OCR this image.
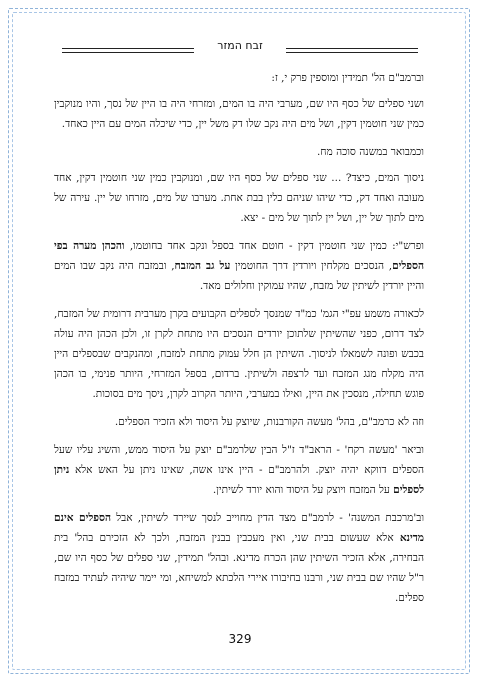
זבח המזר

וברמב"ם הל' תמידין ומוספין פרק י, ז:

ושני ספלים של כסף היו שם, מערבי היה בו המים, ומזרחי היה בו היין של נסך, והיו מנוקבין כמין שני חוטמין דקין, ושל מים היה נקב שלו דק משל יין, כדי שיכלה המים עם היין כאחד.

וכמבואר במשנה סוכה מח.

ניסוך המים, כיצד? ... שני ספלים של כסף היו שם, ומנוקבין כמין שני חוטמין דקין, אחד מעובה ואחד דק, כדי שיהו שניהם כלין בבת אחת. מערבו של מים, מזרחו של יין. עירה של מים לתוך של יין, ושל יין לתוך של מים - יצא.

ופרש"י: כמין שני חוטמין דקין - חוטם אחד בספל ונקב אחד בחוטמו, והכהן מערה בפי הספלים, הנסכים מקלחין ויורדין דרך החוטמין על גב המזבח, ובמזבח היה נקב שבו המים והיין יורדין לשיתין של מזבח, שהיו עמוקין וחלולים מאד.

לכאורה משמע עפ"י הגמ' כמ"ד שמנסך לספלים הקבועים בקרן מערבית דרומית של המזבח, לצד דרום, כפני שהשיתין שלתוכן יורדים הנסכים היו מתחת לקרן זו, ולכן הכהן היה עולה בכבש ופונה לשמאלו לניסוך. השיתין הן חלל עמוק מתחת למזבח, ומהנקבים שבספלים היין היה מקלח מגג המזבח ועד לרצפה ולשיתין. ברדום, בספל המזרחי, היותר פנימי, בו הכהן פוגש תחילה, מנסכין את היין, ואילו במערבי, היותר הקרוב לקרן, ניסך מים בסוכות.

וזה לא כרמב"ם, בהל' מעשה הקורבנות, שיוצק על היסוד ולא הזכיר הספלים.

וביאר 'מעשה רקח' - הראב"ד ז"ל הבין שלרמב"ם יוצק על היסוד ממש, והשיג עליו שעל הספלים דווקא יהיה יוצק. ולהרמב"ם - היין אינו אשה, שאינו ניתן על האש אלא ניתן לספלים על המזבח ויוצק על היסוד והוא יורד לשיתין.

וב'מרכבת המשנה' - לרמב"ם מצד הדין מחוייב לנסך שיירד לשיתין, אבל הספלים אינם מדינא אלא שעשום בבית שני, ואין מעכבין בבנין המזבח, ולכך לא הזכירם בהל' בית הבחירה, אלא הזכיר השיתין שהן הכרח מדינא. ובהל' תמידין, שני ספלים של כסף היו שם, ר"ל שהיו שם בבית שני, ורבנו בחיבורו איירי הלכתא למשיחא, ומי יימר שיהיה לעתיד במזבח ספלים.

329
